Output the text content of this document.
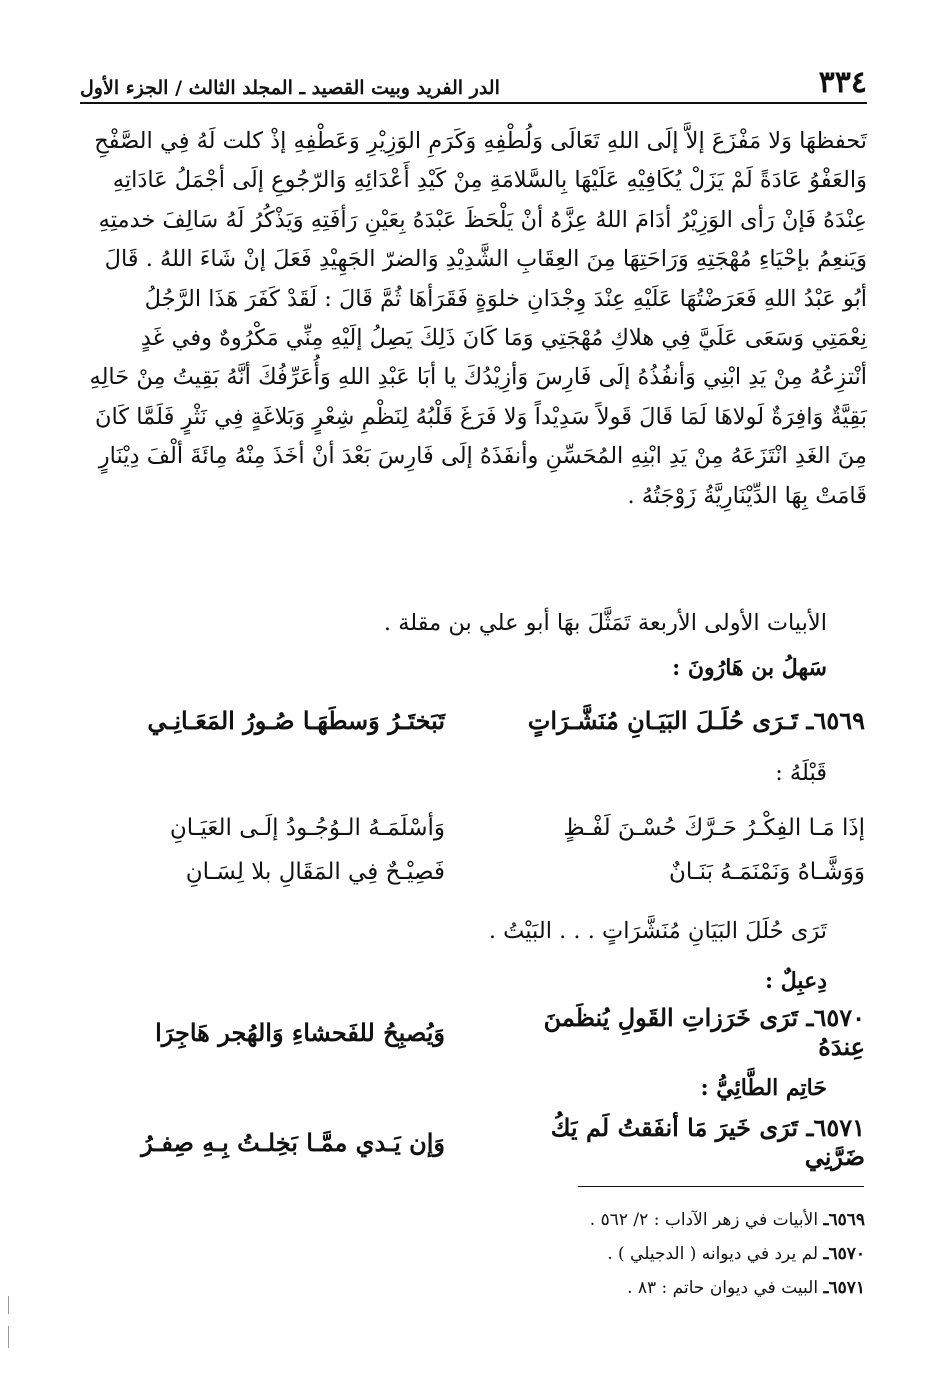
٣٣٤
الدر الفريد وبيت القصيد ـ المجلد الثالث / الجزء الأول

تَحفظهَا وَلا مَفْزَعَ إلاَّ إلَى اللهِ تَعَالَى وَلُطْفِهِ وَكَرَمِ الوَزِيْرِ وَعَطْفِهِ إذْ كلت لَهُ فِي الصَّفْحِ
وَالعَفْوُ عَادَةً لَمْ يَزَلْ يُكَافِيْهِ عَلَيْهَا بِالسَّلامَةِ مِنْ كَيْدِ أَعْدَائِهِ وَالرّجُوعِ إلَى أجْمَلُ عَادَاتِهِ
عِنْدَهُ فَإنْ رَأى الوَزِيْرُ أدَامَ اللهُ عِزَّهُ أنْ يَلْحَظَ عَبْدَهُ بِعَيْنِ رَأفَتِهِ وَيَذْكُرُ لَهُ سَالِفَ خدمتِهِ
وَيَنعِمُ بإحْيَاءِ مُهْجَتِهِ وَرَاحَتِهَا مِنَ العِقَابِ الشَّدِيْدِ وَالضرّ الجَهِيْدِ فَعَلَ إنْ شَاءَ اللهُ . قَالَ
أبُو عَبْدُ اللهِ فَعَرَضْتُهَا عَلَيْهِ عِنْدَ وِجْدَانِ خلوَةٍ فَقَرَأهَا ثُمَّ قَالَ : لَقَدْ كَفَرَ هَذَا الرَّجُلُ
نِعْمَتِي وَسَعَى عَلَيَّ فِي هلاكِ مُهْجَتِي وَمَا كَانَ ذَلِكَ يَصِلُ إلَيْهِ مِنِّي مَكْرُوهٌ وفي غَدٍ
أنْتزِعُهُ مِنْ يَدِ ابْنِي وَأنفُذُهُ إلَى فَارِسَ وَأزِيْدُكَ يا أبَا عَبْدِ اللهِ وَأُعَرِّفُكَ أنَّهُ بَقِيتُ مِنْ حَالِهِ
بَقِيَّةٌ وَافِرَةٌ لَولاهَا لَمَا قَالَ قَولاً سَدِيْداً وَلا فَرَغَ قَلْبُهُ لِنَظْمِ شِعْرٍ وَبَلاغَةٍ فِي نَثْرٍ فَلَمَّا كَانَ
مِنَ الغَدِ انْتَزَعَهُ مِنْ يَدِ ابْنِهِ المُحَسِّنِ وأنفَذَهُ إلَى فَارِسَ بَعْدَ أنْ أخَذَ مِنْهُ مِائَةَ ألْفَ دِيْنَارٍ
قَامَتْ بِهَا الدِّيْنَارِيَّةُ زَوْجَتُهُ .

الأبيات الأولى الأربعة تَمَثَّلَ بهَا أبو علي بن مقلة .
سَهلُ بن هَارُونَ :
٦٥٦٩ـ تَـرَى حُلَـلَ البَيَـانِ مُنَشَّـرَاتٍ
تَبَختَـرُ وَسطَهَـا صُـورُ المَعَـانِـي
قَبْلَهُ :
إذَا مَـا الفِكْـرُ حَـرَّكَ حُسْـنَ لَفْـظٍ
وَأسْلَمَـهُ الـوُجُـودُ إلَـى العَيَـانِ
وَوَشَّـاهُ وَنَمْنَمَـهُ بَنَـانٌ
فَصِيْـحٌ فِي المَقَالِ بلا لِسَـانِ
تَرَى حُلَلَ البَيَانِ مُنَشَّرَاتٍ . . . البَيْتُ .
دِعبِلٌ :
٦٥٧٠ـ تَرَى خَرَزاتِ القَولِ يُنظَمنَ عِندَهُ
وَيُصبِحُ للفَحشاءِ وَالهُجر هَاجِرَا
حَاتِم الطَّائِيُّ :
٦٥٧١ـ تَرَى خَيرَ مَا أنفَقتُ لَم يَكُ ضَرَّنِي
وَإن يَـدي ممَّـا بَخِلـتُ بِـهِ صِفـرُ
٦٥٦٩ـ الأبيات في زهر الآداب : ٢/ ٥٦٢ .
٦٥٧٠ـ لم يرد في ديوانه ( الدجيلي ) .
٦٥٧١ـ البيت في ديوان حاتم : ٨٣ .
